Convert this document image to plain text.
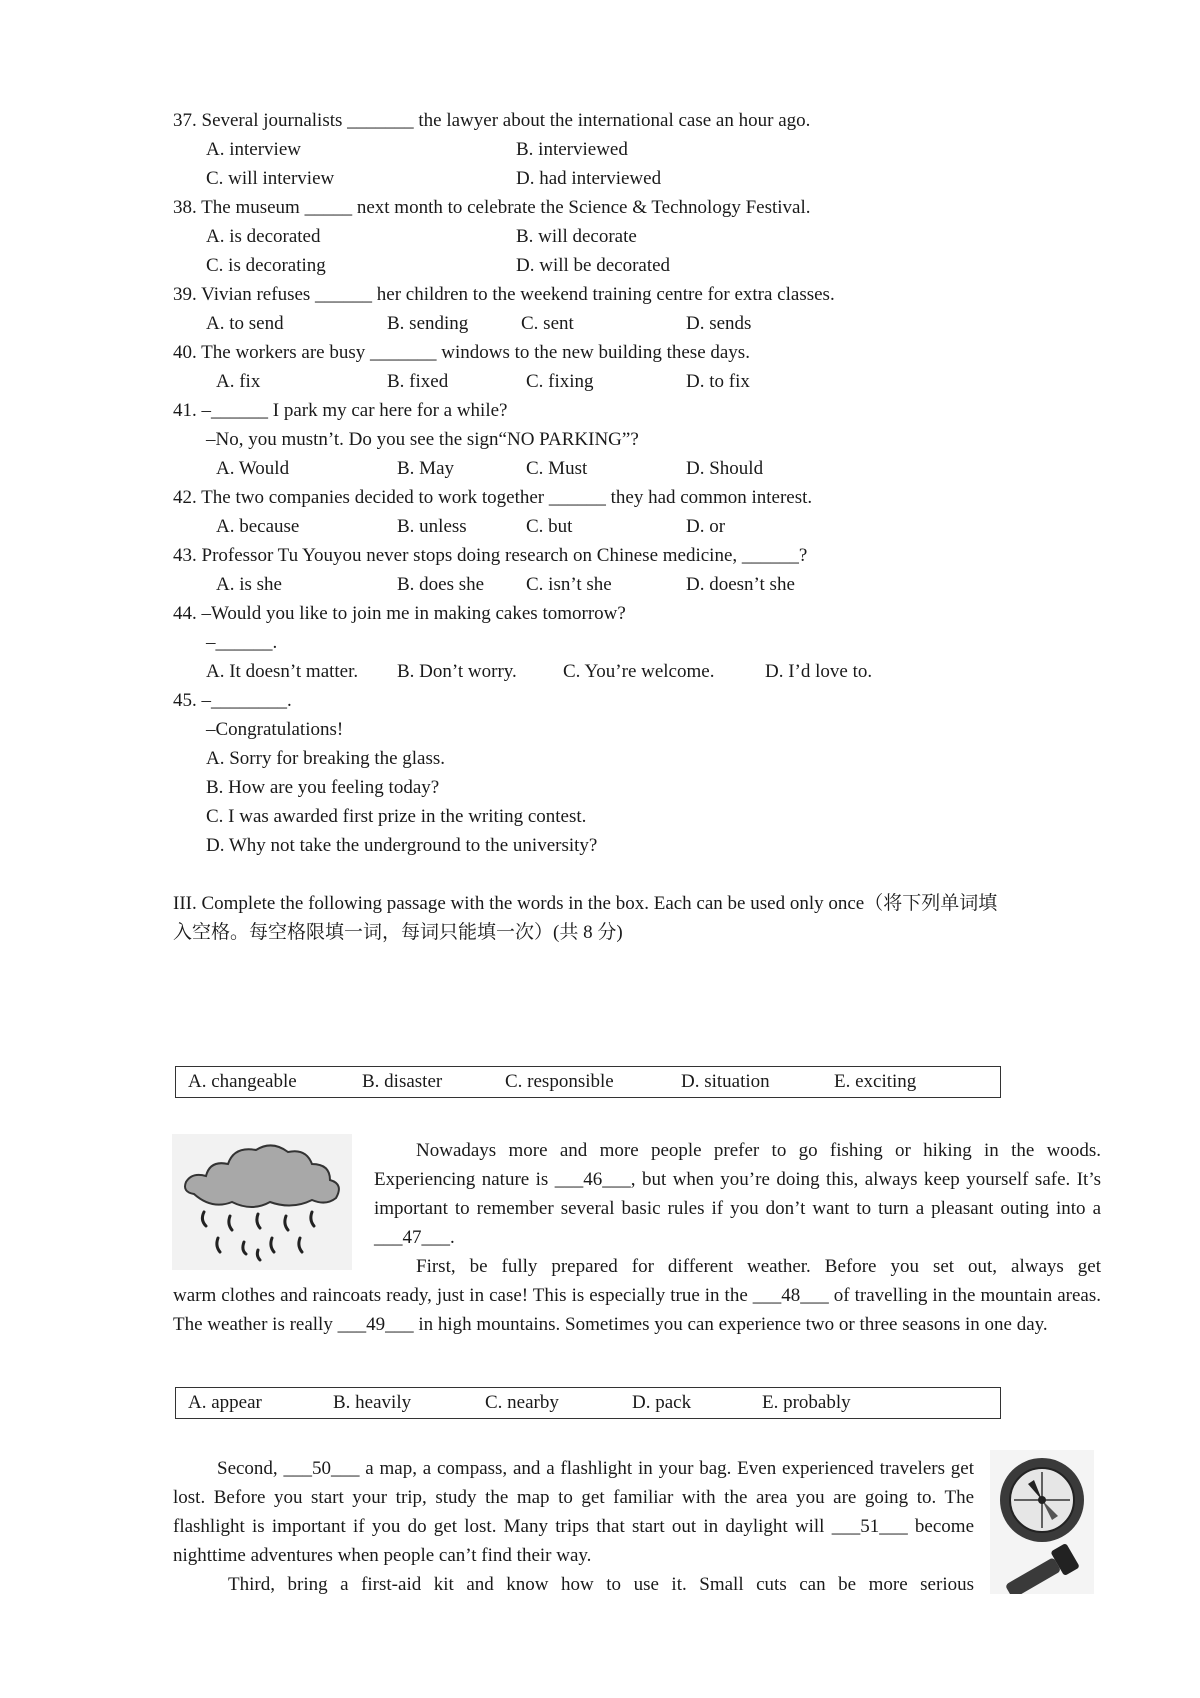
37. Several journalists _______ the lawyer about the international case an hour ago.
A. interview	B. interviewed
C. will interview	D. had interviewed
38. The museum _____ next month to celebrate the Science & Technology Festival.
A. is decorated	B. will decorate
C. is decorating	D. will be decorated
39. Vivian refuses ______ her children to the weekend training centre for extra classes.
A. to send	B. sending	C. sent	D. sends
40. The workers are busy _______ windows to the new building these days.
A. fix	B. fixed	C. fixing	D. to fix
41. –______ I park my car here for a while?
–No, you mustn’t. Do you see the sign“NO PARKING”?
A. Would	B. May	C. Must	D. Should
42. The two companies decided to work together ______ they had common interest.
A. because	B. unless	C. but	D. or
43. Professor Tu Youyou never stops doing research on Chinese medicine, ______?
A. is she	B. does she C. isn’t she	D. doesn’t she
44. –Would you like to join me in making cakes tomorrow?
–______.
A. It doesn’t matter. B. Don’t worry. C. You’re welcome.	D. I’d love to.
45. –________.
–Congratulations!
A. Sorry for breaking the glass.
B. How are you feeling today?
C. I was awarded first prize in the writing contest.
D. Why not take the underground to the university?
III. Complete the following passage with the words in the box. Each can be used only once（将下列单词填
入空格。每空格限填一词，每词只能填一次）(共 8 分)
A. changeable	B. disaster	C. responsible	D. situation	E. exciting
Nowadays more and more people prefer to go fishing or hiking in the woods. Experiencing nature is ___46___, but when you’re doing this, always keep yourself safe. It’s important to remember several basic rules if you don’t want to turn a pleasant outing into a ___47___.
First, be fully prepared for different weather. Before you set out, always get
warm clothes and raincoats ready, just in case! This is especially true in the ___48___ of travelling in the mountain areas. The weather is really ___49___ in high mountains. Sometimes you can experience two or three seasons in one day.
A. appear	B. heavily	C. nearby	D. pack	E. probably
Second, ___50___ a map, a compass, and a flashlight in your bag. Even experienced travelers get lost. Before you start your trip, study the map to get familiar with the area you are going to. The flashlight is important if you do get lost. Many trips that start out in daylight will ___51___ become nighttime adventures when people can’t find their way.
Third, bring a first-aid kit and know how to use it. Small cuts can be more serious
